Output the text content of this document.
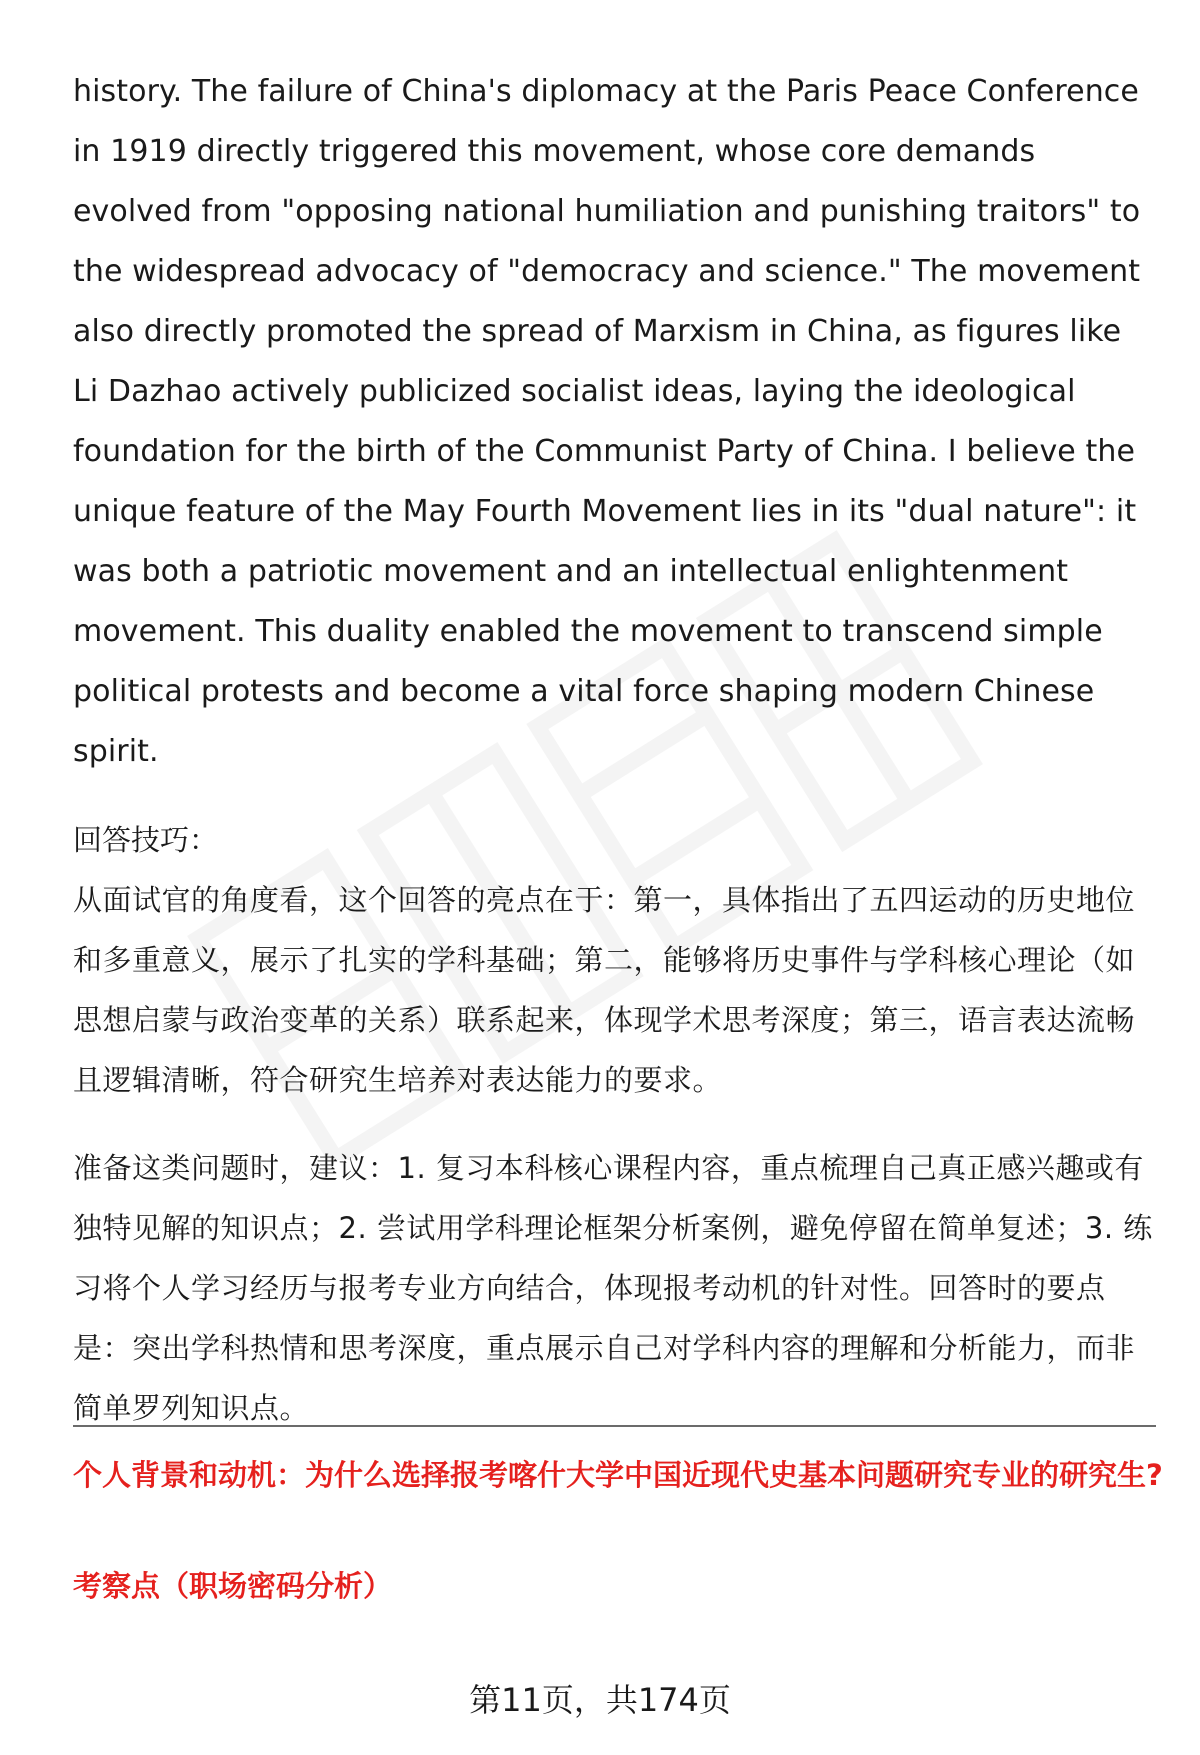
history. The failure of China's diplomacy at the Paris Peace Conference in 1919 directly triggered this movement, whose core demands evolved from "opposing national humiliation and punishing traitors" to the widespread advocacy of "democracy and science." The movement also directly promoted the spread of Marxism in China, as figures like Li Dazhao actively publicized socialist ideas, laying the ideological foundation for the birth of the Communist Party of China. I believe the unique feature of the May Fourth Movement lies in its "dual nature": it was both a patriotic movement and an intellectual enlightenment movement. This duality enabled the movement to transcend simple political protests and become a vital force shaping modern Chinese spirit.

回答技巧：

从面试官的角度看，这个回答的亮点在于：第一，具体指出了五四运动的历史地位和多重意义，展示了扎实的学科基础；第二，能够将历史事件与学科核心理论（如思想启蒙与政治变革的关系）联系起来，体现学术思考深度；第三，语言表达流畅且逻辑清晰，符合研究生培养对表达能力的要求。

准备这类问题时，建议：1. 复习本科核心课程内容，重点梳理自己真正感兴趣或有独特见解的知识点；2. 尝试用学科理论框架分析案例，避免停留在简单复述；3. 练习将个人学习经历与报考专业方向结合，体现报考动机的针对性。回答时的要点是：突出学科热情和思考深度，重点展示自己对学科内容的理解和分析能力，而非简单罗列知识点。

个人背景和动机：为什么选择报考喀什大学中国近现代史基本问题研究专业的研究生?

考察点（职场密码分析）

第11页，共174页
